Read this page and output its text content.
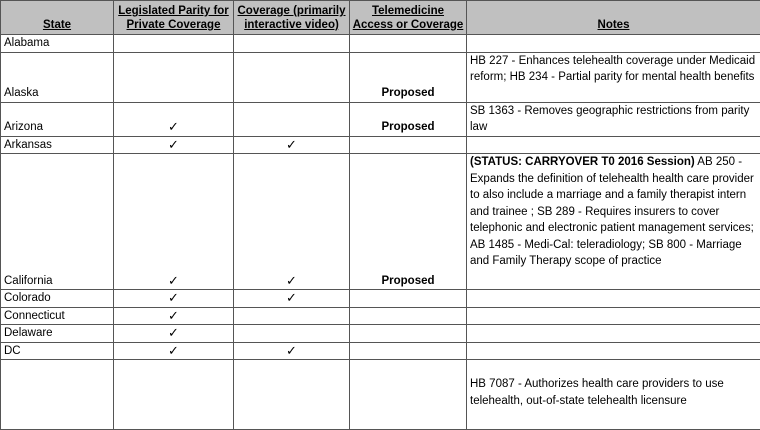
State	Legislated Parity for Private Coverage	Coverage (primarily interactive video)	Telemedicine Access or Coverage	Notes
Alabama				
Alaska			Proposed	HB 227 - Enhances telehealth coverage under Medicaid reform; HB 234 - Partial parity for mental health benefits
Arizona	✓		Proposed	SB 1363 - Removes geographic restrictions from parity law
Arkansas	✓	✓		
California	✓	✓	Proposed	(STATUS: CARRYOVER T0 2016 Session) AB 250 - Expands the definition of telehealth health care provider to also include a marriage and a family therapist intern and trainee ; SB 289 - Requires insurers to cover telephonic and electronic patient management services; AB 1485 - Medi-Cal: teleradiology; SB 800 - Marriage and Family Therapy scope of practice
Colorado	✓	✓		
Connecticut	✓			
Delaware	✓			
DC	✓	✓		
				HB 7087 - Authorizes health care providers to use telehealth, out-of-state telehealth licensure
